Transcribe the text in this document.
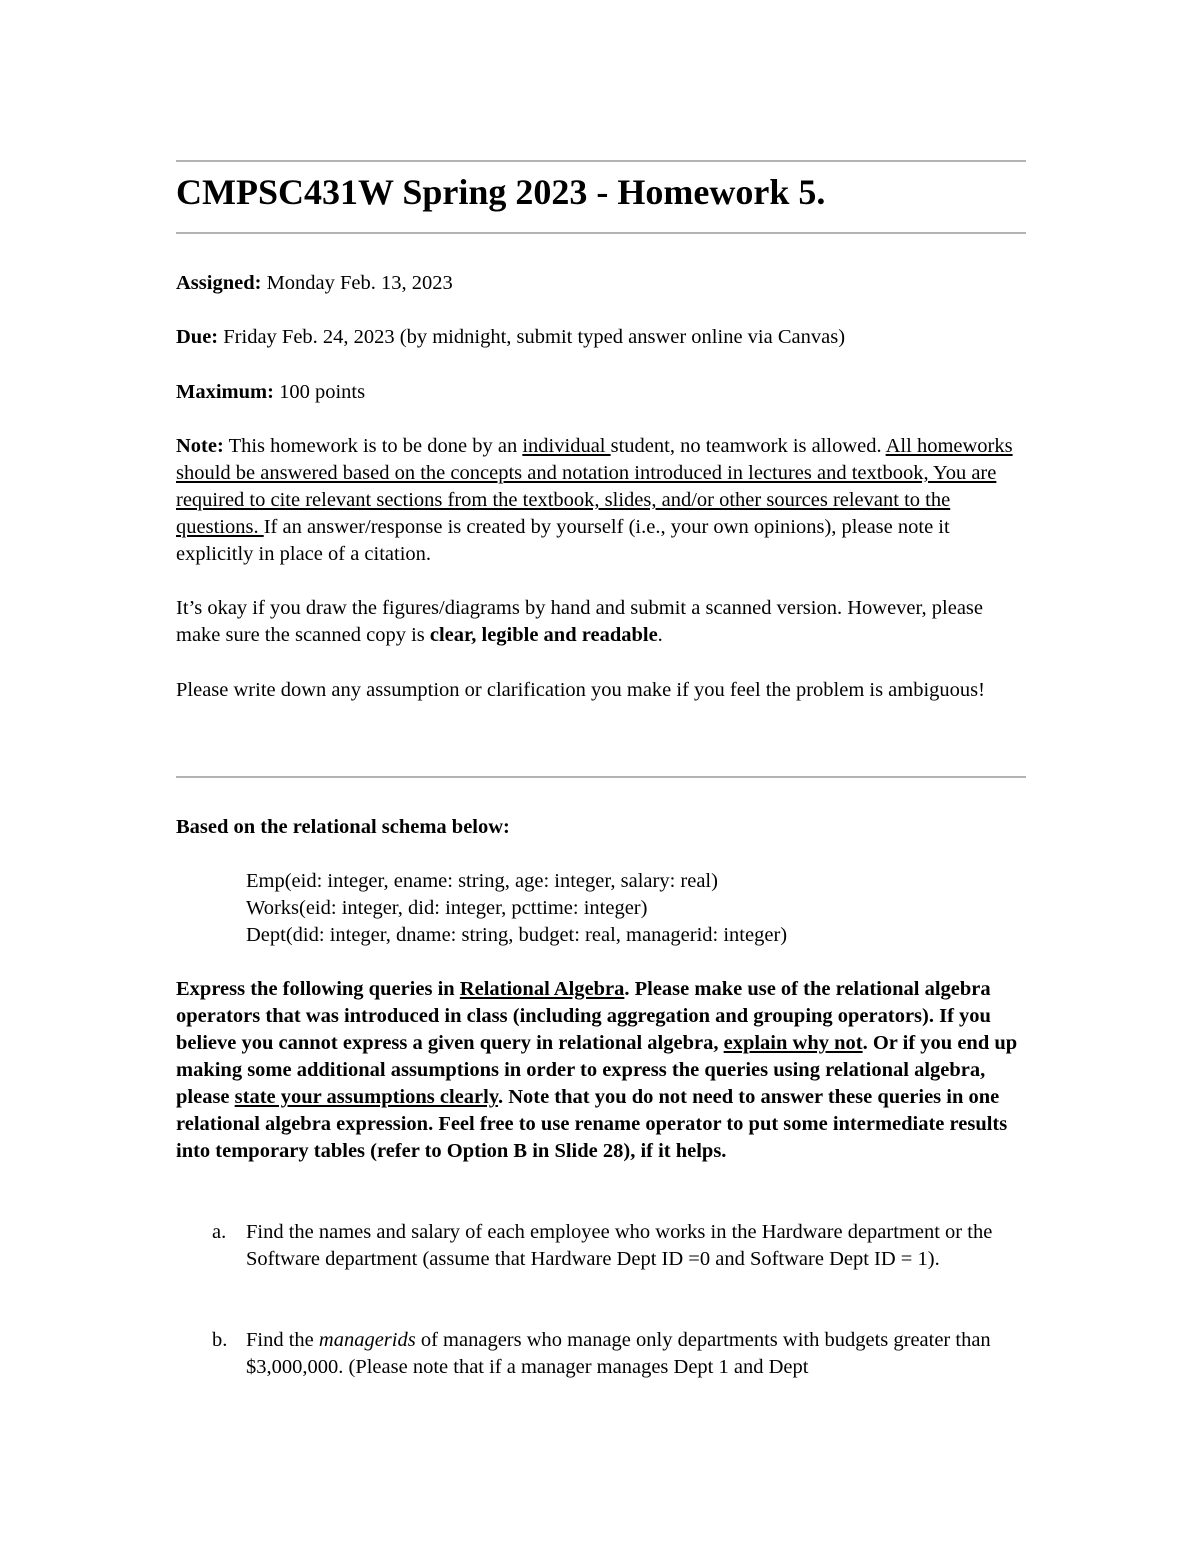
CMPSC431W Spring 2023 - Homework 5.
Assigned: Monday Feb. 13, 2023
Due: Friday Feb. 24, 2023 (by midnight, submit typed answer online via Canvas)
Maximum: 100 points
Note: This homework is to be done by an individual student, no teamwork is allowed. All homeworks should be answered based on the concepts and notation introduced in lectures and textbook, You are required to cite relevant sections from the textbook, slides, and/or other sources relevant to the questions. If an answer/response is created by yourself (i.e., your own opinions), please note it explicitly in place of a citation.
It’s okay if you draw the figures/diagrams by hand and submit a scanned version. However, please make sure the scanned copy is clear, legible and readable.
Please write down any assumption or clarification you make if you feel the problem is ambiguous!
Based on the relational schema below:
Emp(eid: integer, ename: string, age: integer, salary: real)
Works(eid: integer, did: integer, pcttime: integer)
Dept(did: integer, dname: string, budget: real, managerid: integer)
Express the following queries in Relational Algebra. Please make use of the relational algebra operators that was introduced in class (including aggregation and grouping operators). If you believe you cannot express a given query in relational algebra, explain why not. Or if you end up making some additional assumptions in order to express the queries using relational algebra, please state your assumptions clearly. Note that you do not need to answer these queries in one relational algebra expression. Feel free to use rename operator to put some intermediate results into temporary tables (refer to Option B in Slide 28), if it helps.
a. Find the names and salary of each employee who works in the Hardware department or the Software department (assume that Hardware Dept ID =0 and Software Dept ID = 1).
b. Find the managerids of managers who manage only departments with budgets greater than $3,000,000. (Please note that if a manager manages Dept 1 and Dept
